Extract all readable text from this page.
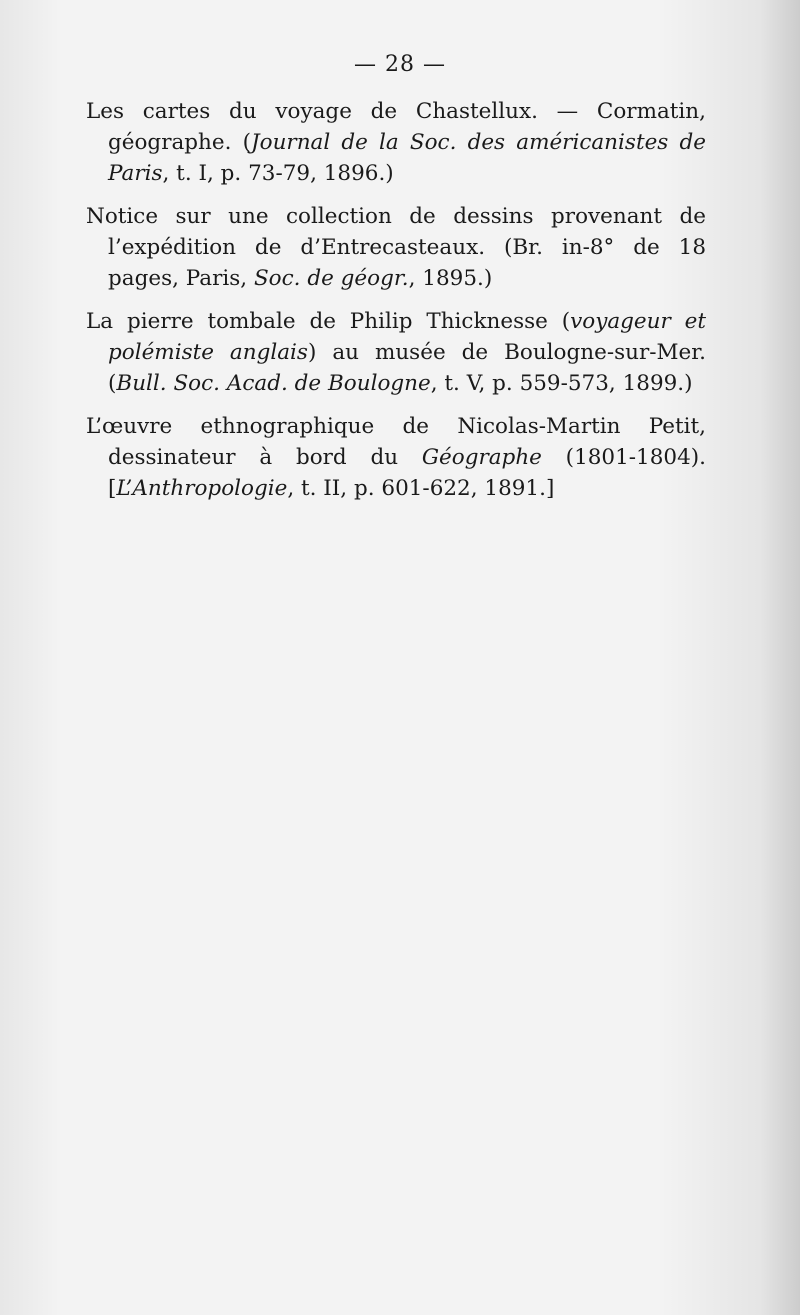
— 28 —

Les cartes du voyage de Chastellux. — Cormatin, géographe. (Journal de la Soc. des américanistes de Paris, t. I, p. 73-79, 1896.)

Notice sur une collection de dessins provenant de l’expédition de d’Entrecasteaux. (Br. in-8° de 18 pages, Paris, Soc. de géogr., 1895.)

La pierre tombale de Philip Thicknesse (voyageur et polémiste anglais) au musée de Boulogne-sur-Mer. (Bull. Soc. Acad. de Boulogne, t. V, p. 559-573, 1899.)

L’œuvre ethnographique de Nicolas-Martin Petit, dessinateur à bord du Géographe (1801-1804). [L’Anthropologie, t. II, p. 601-622, 1891.]
